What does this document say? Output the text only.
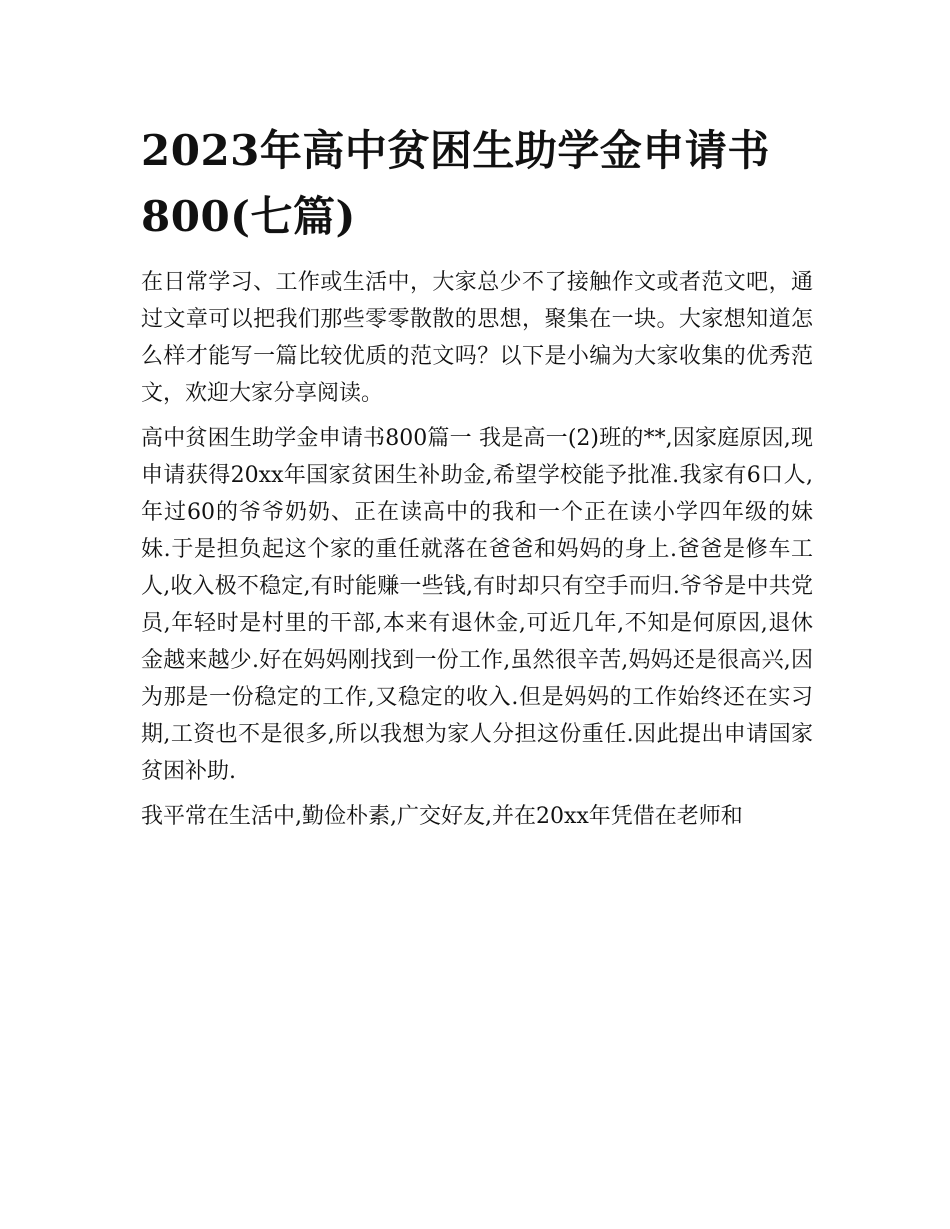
2023年高中贫困生助学金申请书800(七篇)

在日常学习、工作或生活中，大家总少不了接触作文或者范文吧，通过文章可以把我们那些零零散散的思想，聚集在一块。大家想知道怎么样才能写一篇比较优质的范文吗？以下是小编为大家收集的优秀范文，欢迎大家分享阅读。

高中贫困生助学金申请书800篇一 我是高一(2)班的**,因家庭原因,现申请获得20xx年国家贫困生补助金,希望学校能予批准.我家有6口人,年过60的爷爷奶奶、正在读高中的我和一个正在读小学四年级的妹妹.于是担负起这个家的重任就落在爸爸和妈妈的身上.爸爸是修车工人,收入极不稳定,有时能赚一些钱,有时却只有空手而归.爷爷是中共党员,年轻时是村里的干部,本来有退休金,可近几年,不知是何原因,退休金越来越少.好在妈妈刚找到一份工作,虽然很辛苦,妈妈还是很高兴,因为那是一份稳定的工作,又稳定的收入.但是妈妈的工作始终还在实习期,工资也不是很多,所以我想为家人分担这份重任.因此提出申请国家贫困补助.

我平常在生活中,勤俭朴素,广交好友,并在20xx年凭借在老师和
